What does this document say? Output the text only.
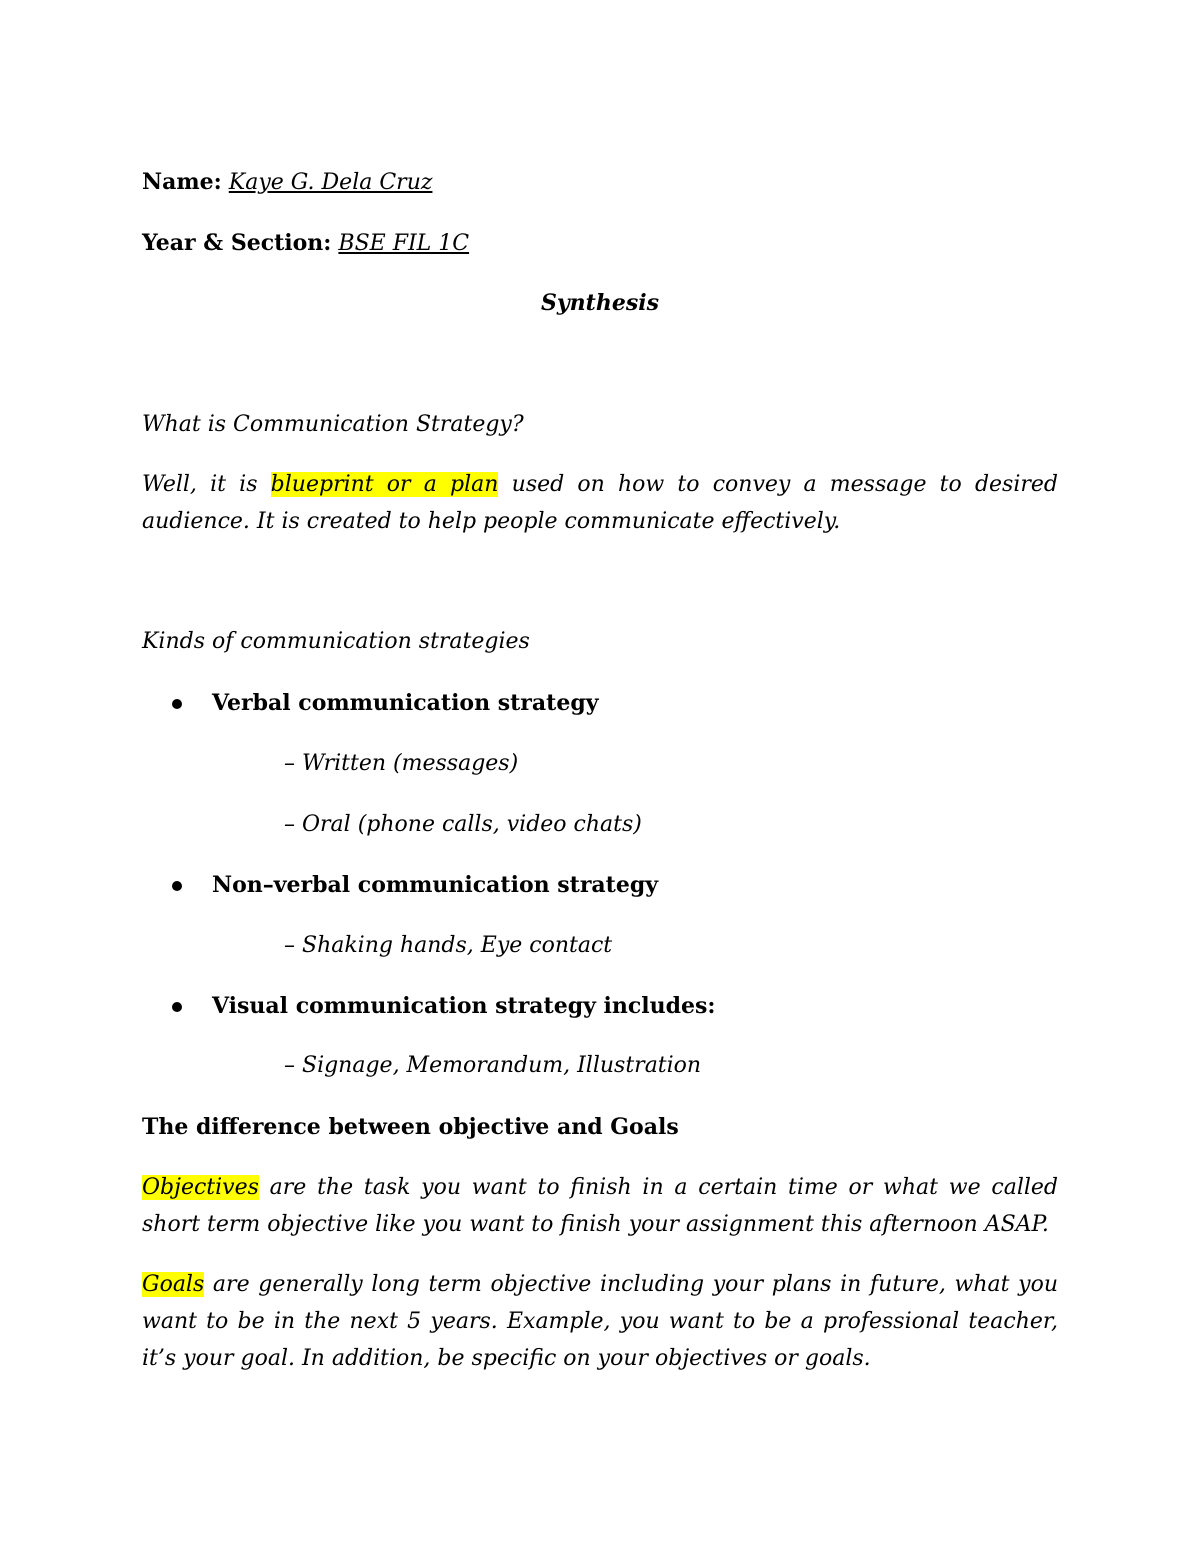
Name: Kaye G. Dela Cruz
Year & Section: BSE FIL 1C
Synthesis
What is Communication Strategy?
Well, it is blueprint or a plan used on how to convey a message to desired audience. It is created to help people communicate effectively.
Kinds of communication strategies
Verbal communication strategy
– Written (messages)
– Oral (phone calls, video chats)
Non–verbal communication strategy
– Shaking hands, Eye contact
Visual communication strategy includes:
– Signage, Memorandum, Illustration
The difference between objective and Goals
Objectives are the task you want to finish in a certain time or what we called short term objective like you want to finish your assignment this afternoon ASAP.
Goals are generally long term objective including your plans in future, what you want to be in the next 5 years. Example, you want to be a professional teacher, it’s your goal. In addition, be specific on your objectives or goals.
